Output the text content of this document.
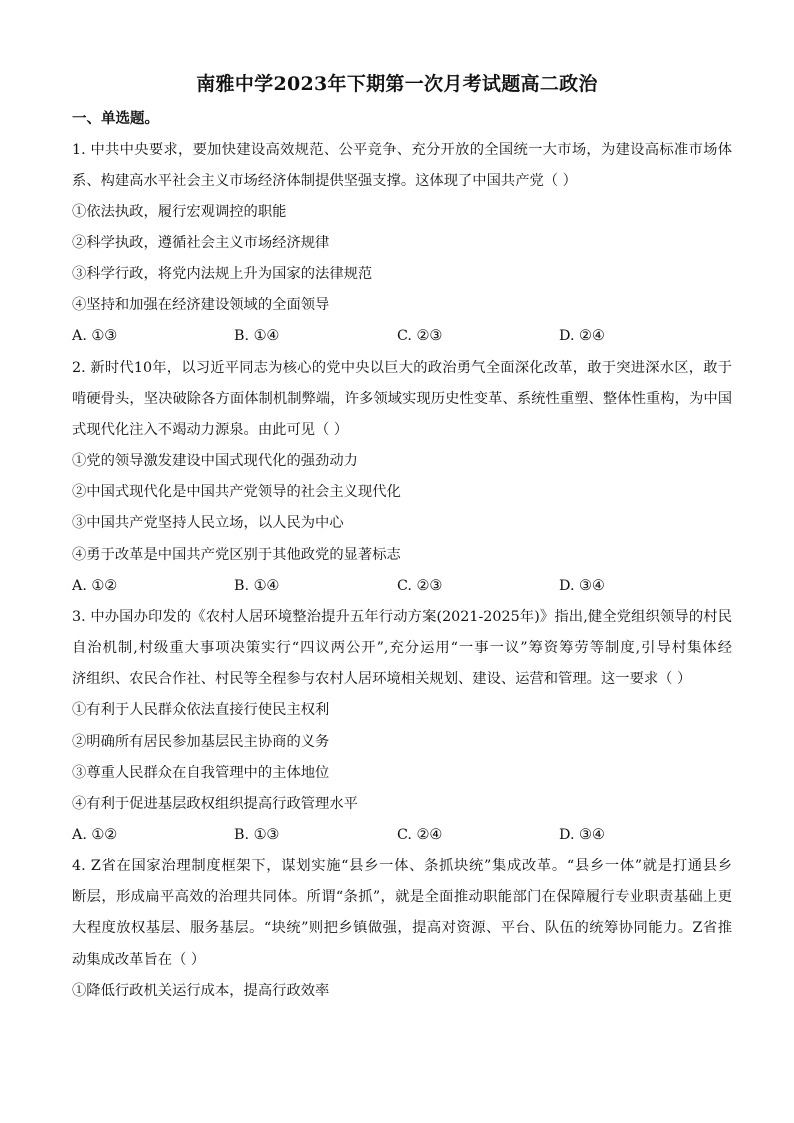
南雅中学2023年下期第一次月考试题高二政治
一、单选题。
1. 中共中央要求，要加快建设高效规范、公平竞争、充分开放的全国统一大市场，为建设高标准市场体
系、构建高水平社会主义市场经济体制提供坚强支撑。这体现了中国共产党（ ）
①依法执政，履行宏观调控的职能
②科学执政，遵循社会主义市场经济规律
③科学行政，将党内法规上升为国家的法律规范
④坚持和加强在经济建设领域的全面领导
A. ①③	B. ①④	C. ②③	D. ②④
2. 新时代10年，以习近平同志为核心的党中央以巨大的政治勇气全面深化改革，敢于突进深水区，敢于
啃硬骨头，坚决破除各方面体制机制弊端，许多领域实现历史性变革、系统性重塑、整体性重构，为中国
式现代化注入不竭动力源泉。由此可见（ ）
①党的领导激发建设中国式现代化的强劲动力
②中国式现代化是中国共产党领导的社会主义现代化
③中国共产党坚持人民立场，以人民为中心
④勇于改革是中国共产党区别于其他政党的显著标志
A. ①②	B. ①④	C. ②③	D. ③④
3. 中办国办印发的《农村人居环境整治提升五年行动方案(2021-2025年)》指出,健全党组织领导的村民
自治机制,村级重大事项决策实行“四议两公开”,充分运用“一事一议”筹资筹劳等制度,引导村集体经
济组织、农民合作社、村民等全程参与农村人居环境相关规划、建设、运营和管理。这一要求（ ）
①有利于人民群众依法直接行使民主权利
②明确所有居民参加基层民主协商的义务
③尊重人民群众在自我管理中的主体地位
④有利于促进基层政权组织提高行政管理水平
A. ①②	B. ①③	C. ②④	D. ③④
4. Z省在国家治理制度框架下，谋划实施“县乡一体、条抓块统”集成改革。“县乡一体”就是打通县乡
断层，形成扁平高效的治理共同体。所谓“条抓”，就是全面推动职能部门在保障履行专业职责基础上更
大程度放权基层、服务基层。“块统”则把乡镇做强，提高对资源、平台、队伍的统筹协同能力。Z省推
动集成改革旨在（ ）
①降低行政机关运行成本，提高行政效率
